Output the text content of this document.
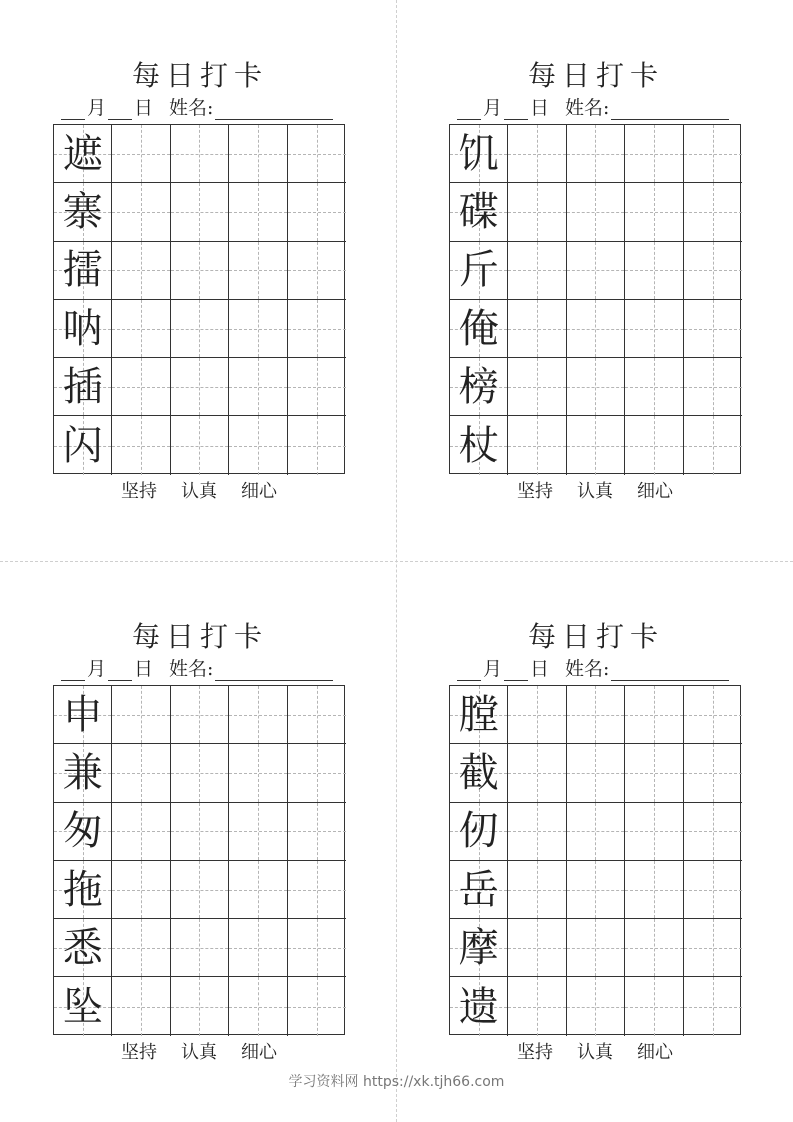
每日打卡
月 日 姓名:
遮
寨
擂
呐
插
闪
坚持 认真 细心
每日打卡
月 日 姓名:
饥
碟
斤
俺
榜
杖
坚持 认真 细心
每日打卡
月 日 姓名:
申
兼
匆
拖
悉
坠
坚持 认真 细心
每日打卡
月 日 姓名:
膛
截
仞
岳
摩
遗
坚持 认真 细心
学习资料网 https://xk.tjh66.com
